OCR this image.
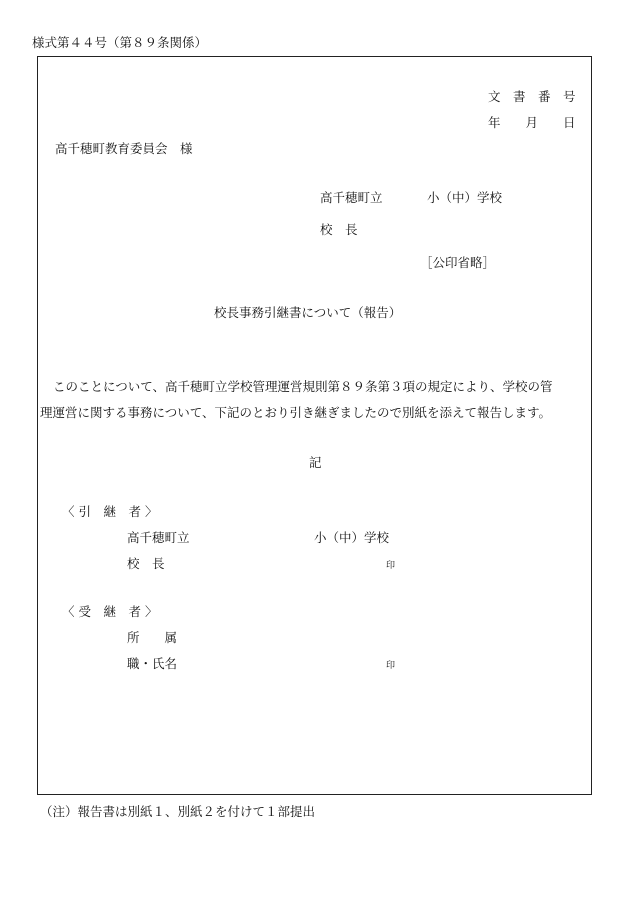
様式第４４号（第８９条関係）
文　書　番　号
年　　月　　日
高千穂町教育委員会　様
高千穂町立	小（中）学校
校　長
［公印省略］
校長事務引継書について（報告）
このことについて、高千穂町立学校管理運営規則第８９条第３項の規定により、学校の管
理運営に関する事務について、下記のとおり引き継ぎましたので別紙を添えて報告します。
記
〈 引　継　者 〉
高千穂町立	小（中）学校
校　長	印
〈 受　継　者 〉
所　　属
職・氏名	印
（注）報告書は別紙１、別紙２を付けて１部提出
